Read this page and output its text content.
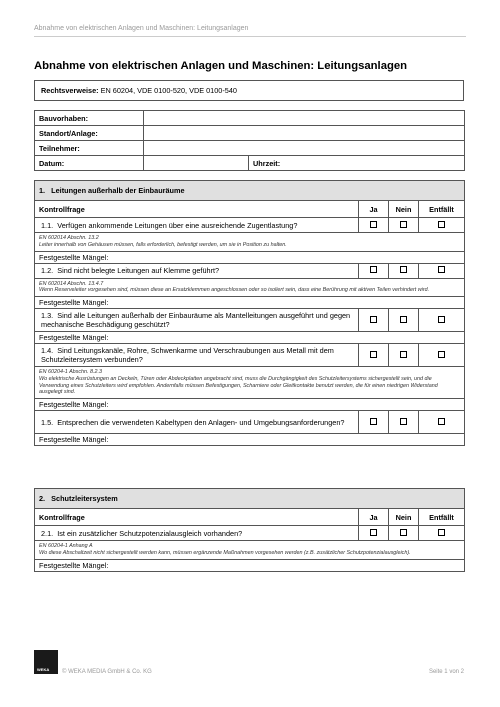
Abnahme von elektrischen Anlagen und Maschinen: Leitungsanlagen
Abnahme von elektrischen Anlagen und Maschinen: Leitungsanlagen
Rechtsverweise: EN 60204, VDE 0100-520, VDE 0100-540
Bauvorhaben:		
Standort/Anlage:		
Teilnehmer:		
Datum:		Uhrzeit:
1.   Leitungen außerhalb der Einbauräume			
Kontrollfrage	Ja	Nein	Entfällt
1.1.  Verfügen ankommende Leitungen über eine ausreichende Zugentlastung?			

EN 602014 Abschn. 13.2
Leiter innerhalb von Gehäusen müssen, falls erforderlich, befestigt werden, um sie in Position zu halten.			

Festgestellte Mängel:			
1.2.  Sind nicht belegte Leitungen auf Klemme geführt?			

EN 602014 Abschn. 13.4.7
Wenn Reserveleiter vorgesehen sind, müssen diese an Ersatzklemmen angeschlossen oder so isoliert sein, dass eine Berührung mit aktiven Teilen verhindert wird.			

Festgestellte Mängel:			
1.3.  Sind alle Leitungen außerhalb der Einbauräume als Mantelleitungen ausgeführt und gegen mechanische Beschädigung geschützt?			
Festgestellte Mängel:			
1.4.  Sind Leitungskanäle, Rohre, Schwenkarme und Verschraubungen aus Metall mit dem Schutzleitersystem verbunden?			

EN 60204-1 Abschn. 8.2.3
Wo elektrische Ausrüstungen an Deckeln, Türen oder Abdeckplatten angebracht sind, muss die Durchgängigkeit des Schutzleitersystems sichergestellt sein, und die Verwendung eines Schutzleiters wird empfohlen. Andernfalls müssen Befestigungen, Scharniere oder Gleitkontakte benutzt werden, die für einen niedrigen Widerstand ausgelegt sind.			

Festgestellte Mängel:			
1.5.  Entsprechen die verwendeten Kabeltypen den Anlagen- und Umgebungsanforderungen?			
Festgestellte Mängel:			
2.   Schutzleitersystem			
Kontrollfrage	Ja	Nein	Entfällt
2.1.  Ist ein zusätzlicher Schutzpotenzialausgleich vorhanden?			

EN 60204-1 Anhang A
Wo diese Abschaltzeit nicht sichergestellt werden kann, müssen ergänzende Maßnahmen vorgesehen werden (z.B. zusätzlicher Schutzpotenzialausgleich).			

Festgestellte Mängel:			
WEKA © WEKA MEDIA GmbH & Co. KG	Seite 1 von 2
